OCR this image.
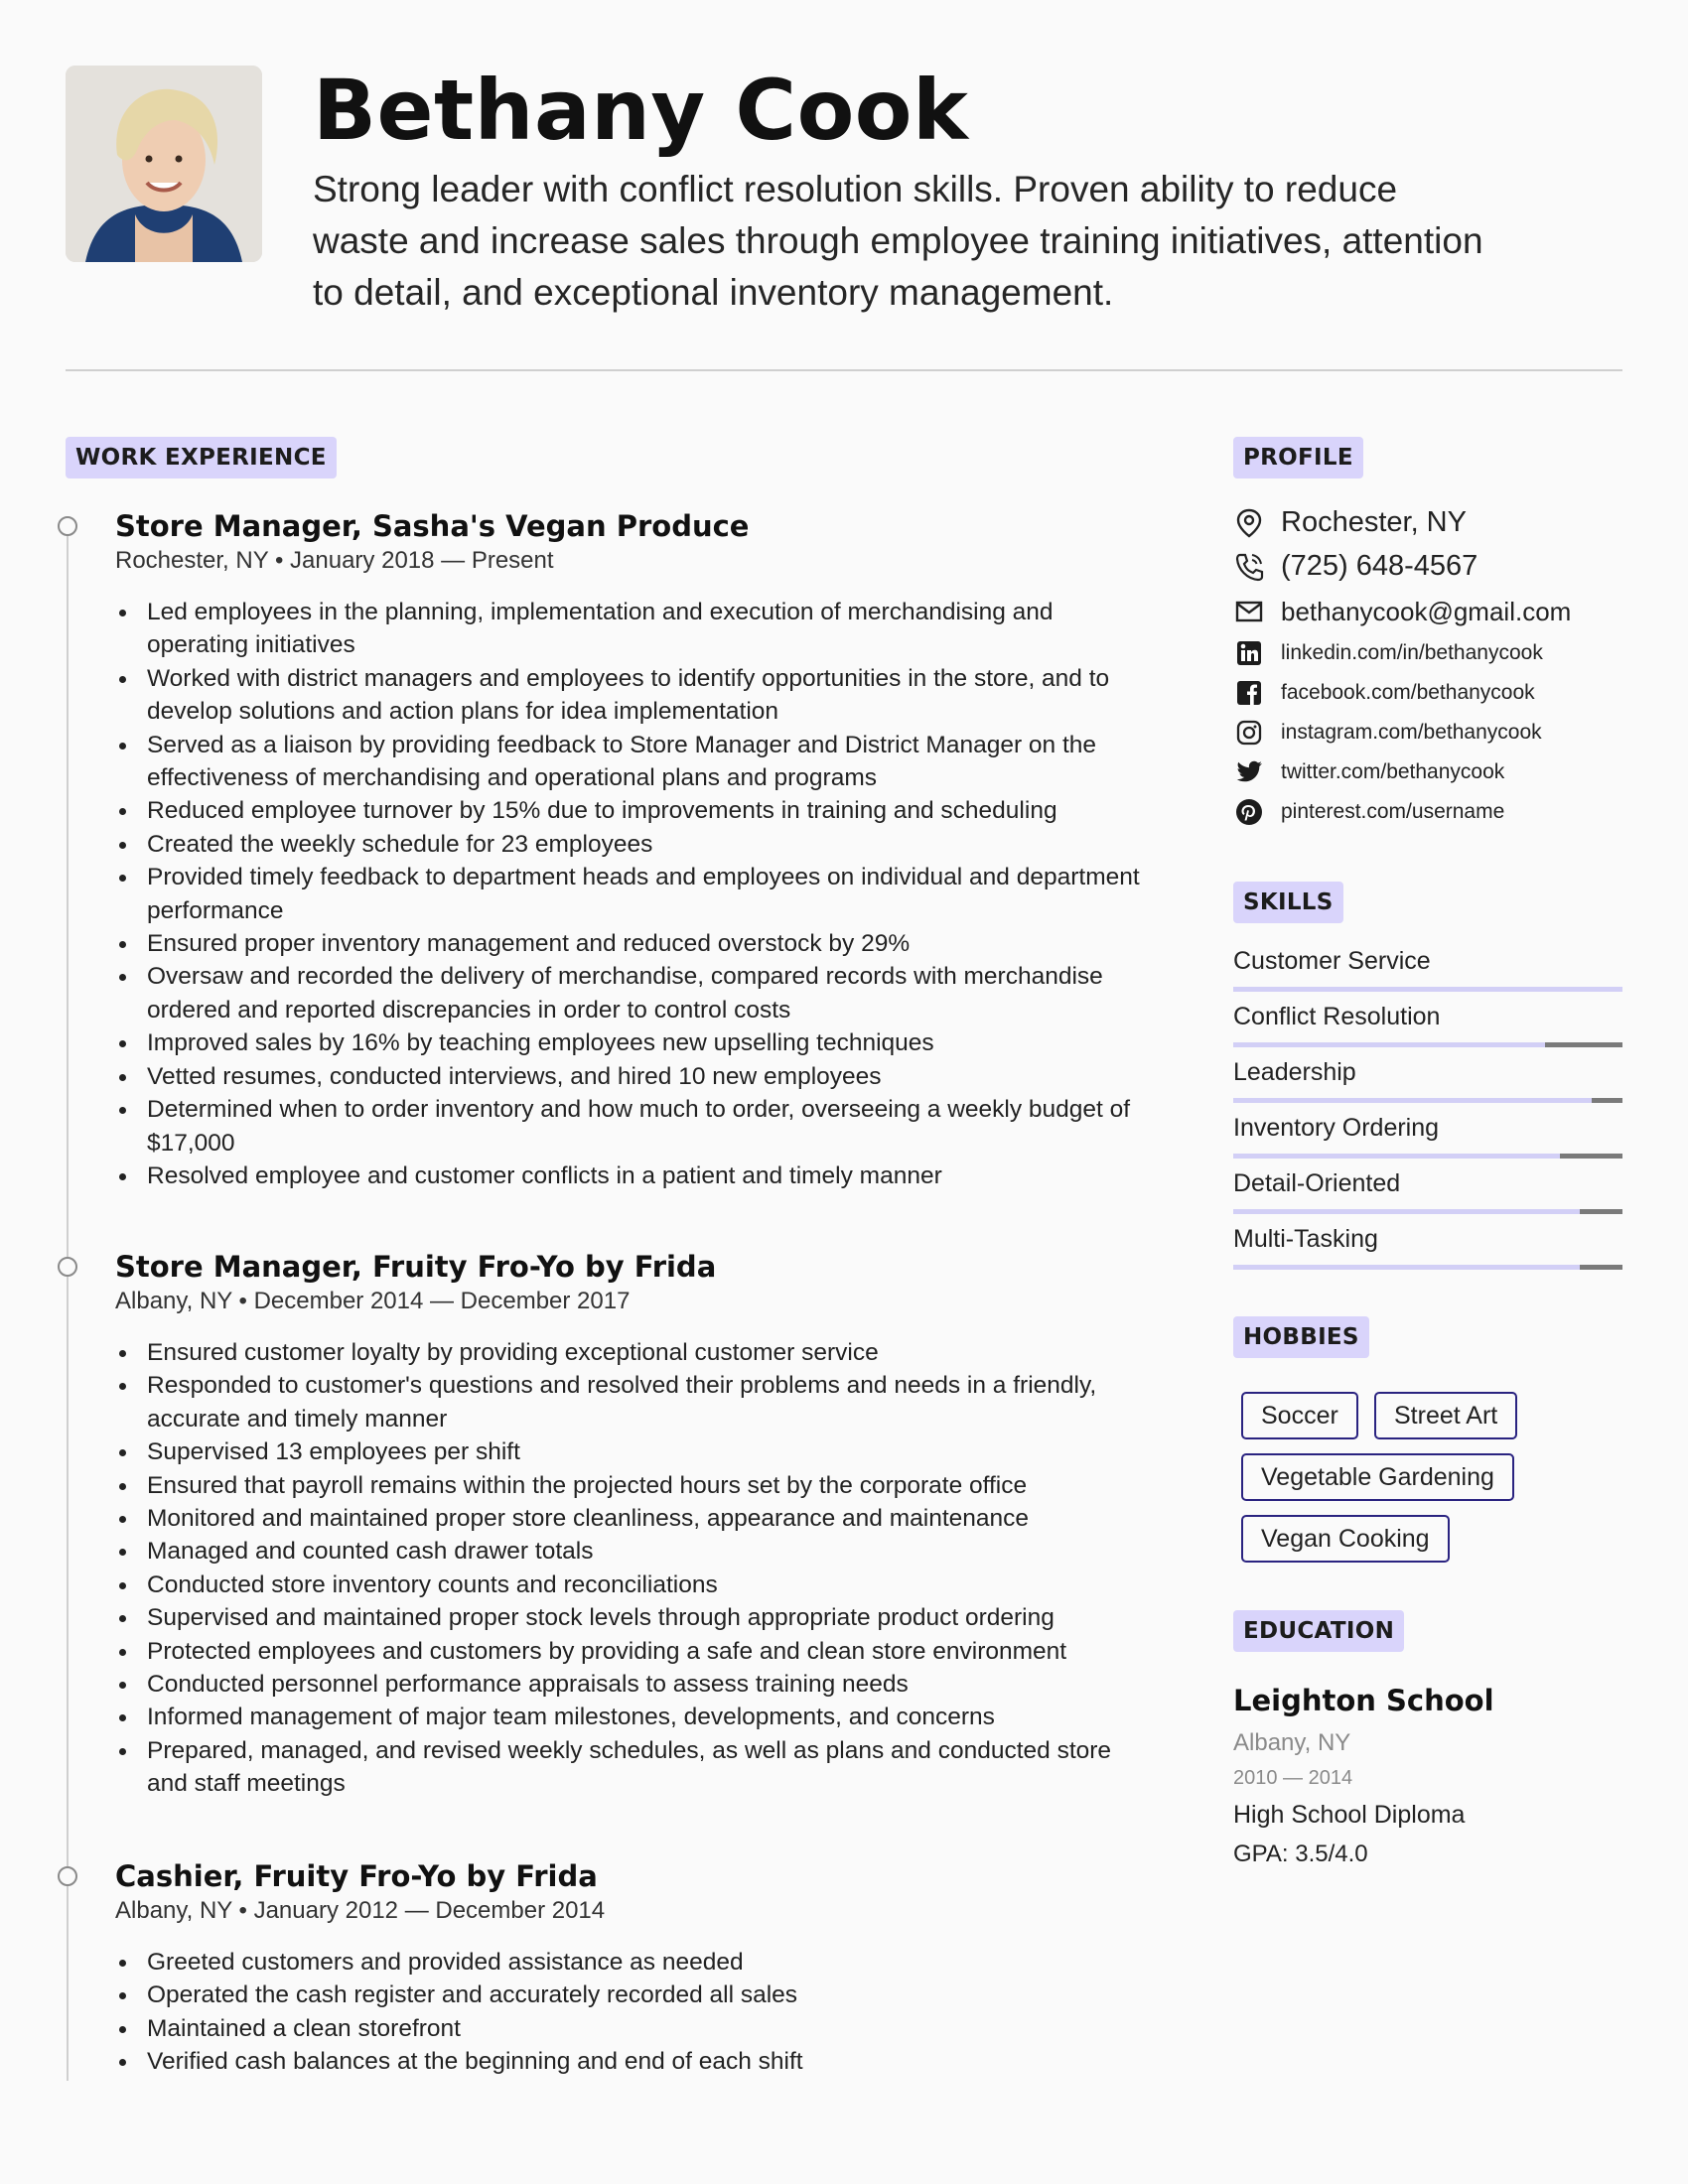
Bethany Cook
Strong leader with conflict resolution skills. Proven ability to reduce waste and increase sales through employee training initiatives, attention to detail, and exceptional inventory management.
WORK EXPERIENCE
Store Manager, Sasha's Vegan Produce
Rochester, NY • January 2018 — Present
Led employees in the planning, implementation and execution of merchandising and operating initiatives
Worked with district managers and employees to identify opportunities in the store, and to develop solutions and action plans for idea implementation
Served as a liaison by providing feedback to Store Manager and District Manager on the effectiveness of merchandising and operational plans and programs
Reduced employee turnover by 15% due to improvements in training and scheduling
Created the weekly schedule for 23 employees
Provided timely feedback to department heads and employees on individual and department performance
Ensured proper inventory management and reduced overstock by 29%
Oversaw and recorded the delivery of merchandise, compared records with merchandise ordered and reported discrepancies in order to control costs
Improved sales by 16% by teaching employees new upselling techniques
Vetted resumes, conducted interviews, and hired 10 new employees
Determined when to order inventory and how much to order, overseeing a weekly budget of $17,000
Resolved employee and customer conflicts in a patient and timely manner
Store Manager, Fruity Fro-Yo by Frida
Albany, NY • December 2014 — December 2017
Ensured customer loyalty by providing exceptional customer service
Responded to customer's questions and resolved their problems and needs in a friendly, accurate and timely manner
Supervised 13 employees per shift
Ensured that payroll remains within the projected hours set by the corporate office
Monitored and maintained proper store cleanliness, appearance and maintenance
Managed and counted cash drawer totals
Conducted store inventory counts and reconciliations
Supervised and maintained proper stock levels through appropriate product ordering
Protected employees and customers by providing a safe and clean store environment
Conducted personnel performance appraisals to assess training needs
Informed management of major team milestones, developments, and concerns
Prepared, managed, and revised weekly schedules, as well as plans and conducted store and staff meetings
Cashier, Fruity Fro-Yo by Frida
Albany, NY • January 2012 — December 2014
Greeted customers and provided assistance as needed
Operated the cash register and accurately recorded all sales
Maintained a clean storefront
Verified cash balances at the beginning and end of each shift
PROFILE
Rochester, NY
(725) 648-4567
bethanycook@gmail.com
linkedin.com/in/bethanycook
facebook.com/bethanycook
instagram.com/bethanycook
twitter.com/bethanycook
pinterest.com/username
SKILLS
Customer Service
Conflict Resolution
Leadership
Inventory Ordering
Detail-Oriented
Multi-Tasking
HOBBIES
Soccer	Street Art
Vegetable Gardening
Vegan Cooking
EDUCATION
Leighton School
Albany, NY
2010 — 2014
High School Diploma
GPA: 3.5/4.0
